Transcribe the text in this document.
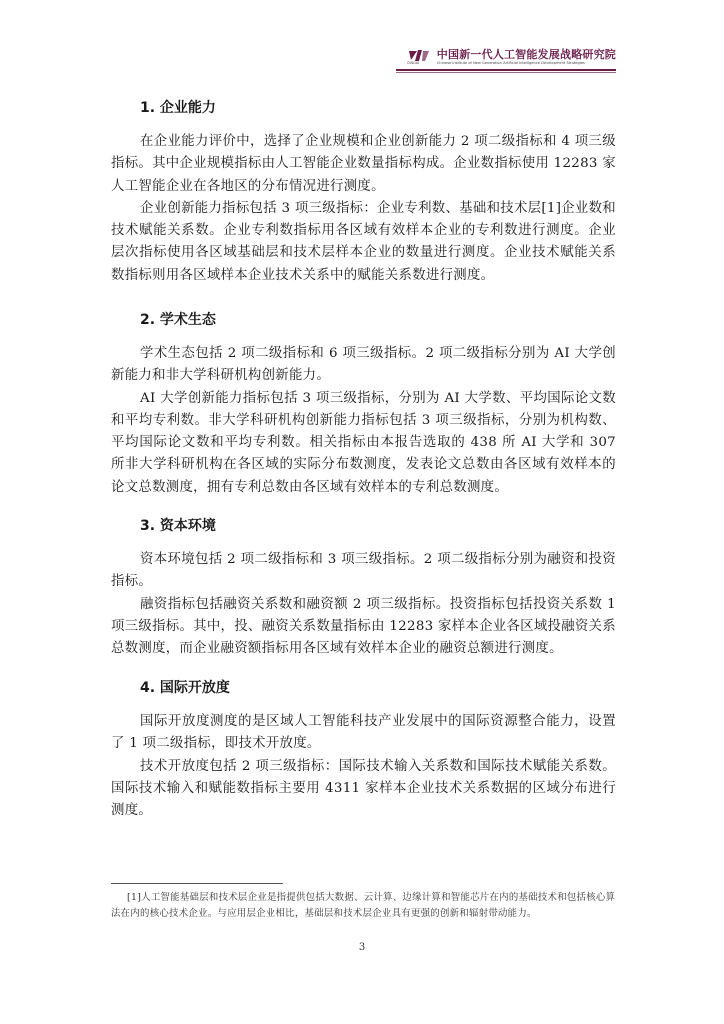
CINGAI
中国新一代人工智能发展战略研究院
Chinese Institute of New Generation Artificial Intelligence Development Strategies
1. 企业能力

在企业能力评价中，选择了企业规模和企业创新能力 2 项二级指标和 4 项三级指标。其中企业规模指标由人工智能企业数量指标构成。企业数指标使用 12283 家人工智能企业在各地区的分布情况进行测度。

企业创新能力指标包括 3 项三级指标：企业专利数、基础和技术层[1]企业数和技术赋能关系数。企业专利数指标用各区域有效样本企业的专利数进行测度。企业层次指标使用各区域基础层和技术层样本企业的数量进行测度。企业技术赋能关系数指标则用各区域样本企业技术关系中的赋能关系数进行测度。

2. 学术生态

学术生态包括 2 项二级指标和 6 项三级指标。2 项二级指标分别为 AI 大学创新能力和非大学科研机构创新能力。

AI 大学创新能力指标包括 3 项三级指标，分别为 AI 大学数、平均国际论文数和平均专利数。非大学科研机构创新能力指标包括 3 项三级指标，分别为机构数、平均国际论文数和平均专利数。相关指标由本报告选取的 438 所 AI 大学和 307 所非大学科研机构在各区域的实际分布数测度，发表论文总数由各区域有效样本的论文总数测度，拥有专利总数由各区域有效样本的专利总数测度。

3. 资本环境

资本环境包括 2 项二级指标和 3 项三级指标。2 项二级指标分别为融资和投资指标。

融资指标包括融资关系数和融资额 2 项三级指标。投资指标包括投资关系数 1 项三级指标。其中，投、融资关系数量指标由 12283 家样本企业各区域投融资关系总数测度，而企业融资额指标用各区域有效样本企业的融资总额进行测度。

4. 国际开放度

国际开放度测度的是区域人工智能科技产业发展中的国际资源整合能力，设置了 1 项二级指标，即技术开放度。

技术开放度包括 2 项三级指标：国际技术输入关系数和国际技术赋能关系数。国际技术输入和赋能数指标主要用 4311 家样本企业技术关系数据的区域分布进行测度。

[1]人工智能基础层和技术层企业是指提供包括大数据、云计算、边缘计算和智能芯片在内的基础技术和包括核心算法在内的核心技术企业。与应用层企业相比，基础层和技术层企业具有更强的创新和辐射带动能力。

3
